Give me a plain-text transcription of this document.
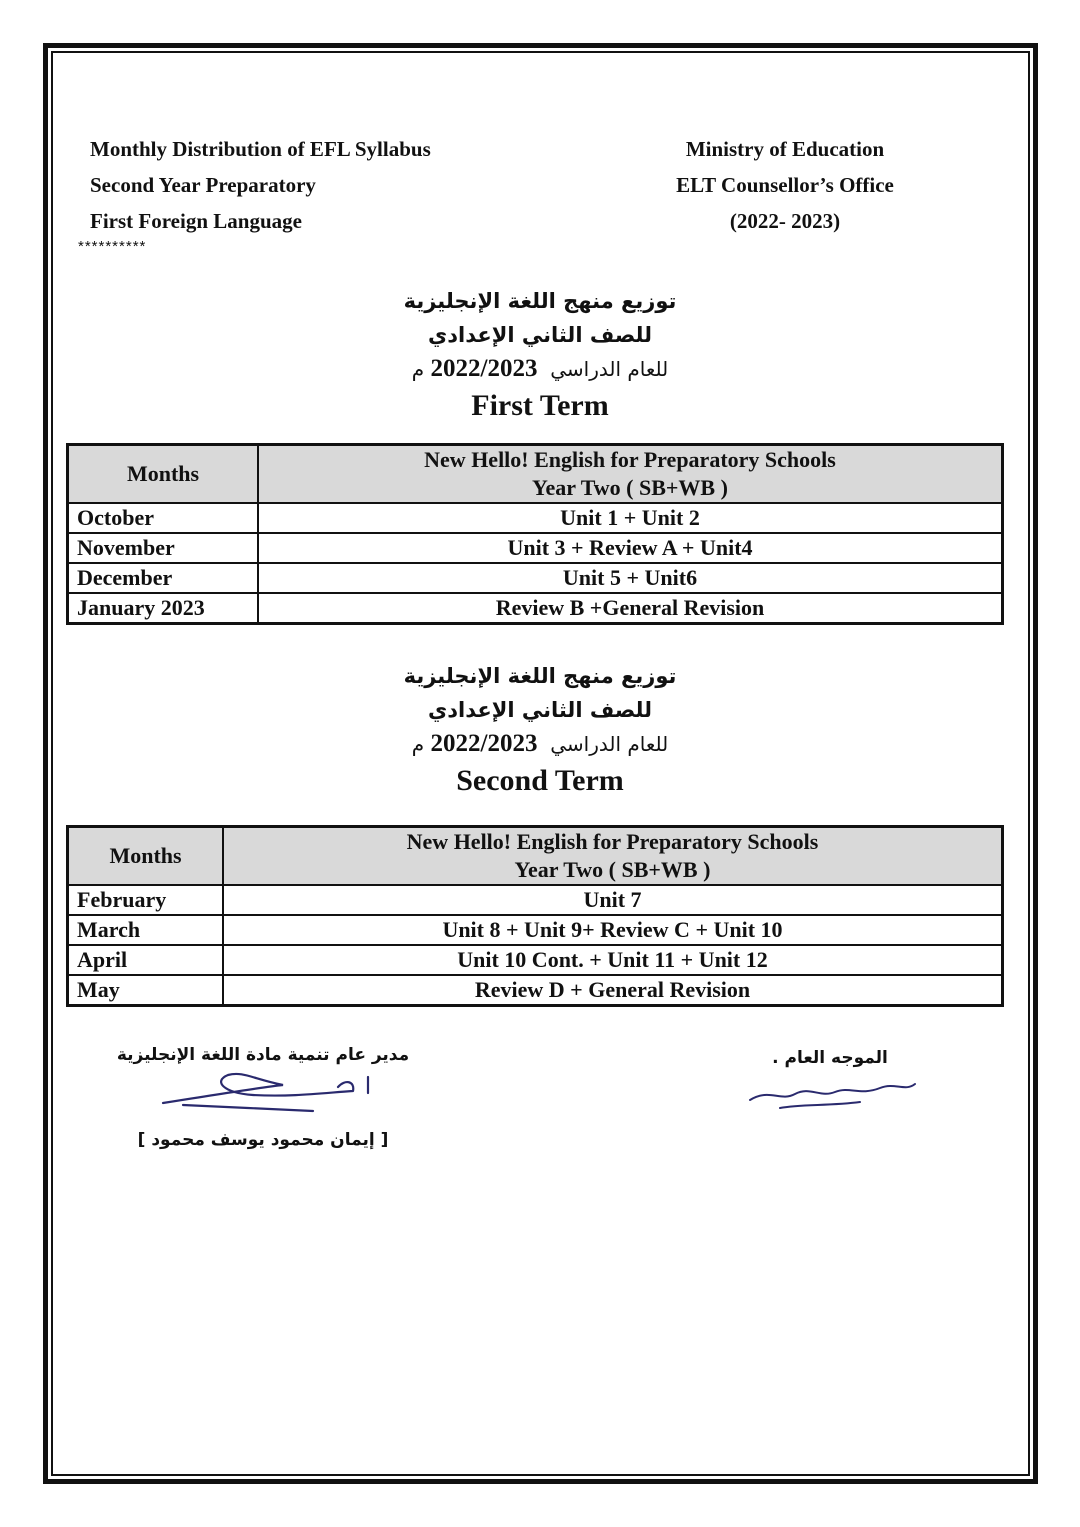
Monthly Distribution of EFL Syllabus
Second Year Preparatory
First Foreign Language
**********
Ministry of Education
ELT Counsellor’s Office
(2022- 2023)
توزيع منهج اللغة الإنجليزية
للصف الثاني الإعدادي
للعام الدراسي  2022/2023 م
First Term
Months	New Hello! English for Preparatory Schools
Year Two ( SB+WB )

October	Unit 1 + Unit 2
November	Unit 3 + Review A + Unit4
December	Unit 5 + Unit6
January 2023	Review B +General Revision
توزيع منهج اللغة الإنجليزية
للصف الثاني الإعدادي
للعام الدراسي  2022/2023 م
Second Term
Months	New Hello! English for Preparatory Schools
Year Two ( SB+WB )

February	Unit 7
March	Unit 8 + Unit 9+ Review C + Unit 10
April	Unit 10 Cont. + Unit 11 + Unit 12
May	Review D + General Revision
مدير عام تنمية مادة اللغة الإنجليزية
[ إيمان محمود يوسف محمود ]
الموجه العام .
